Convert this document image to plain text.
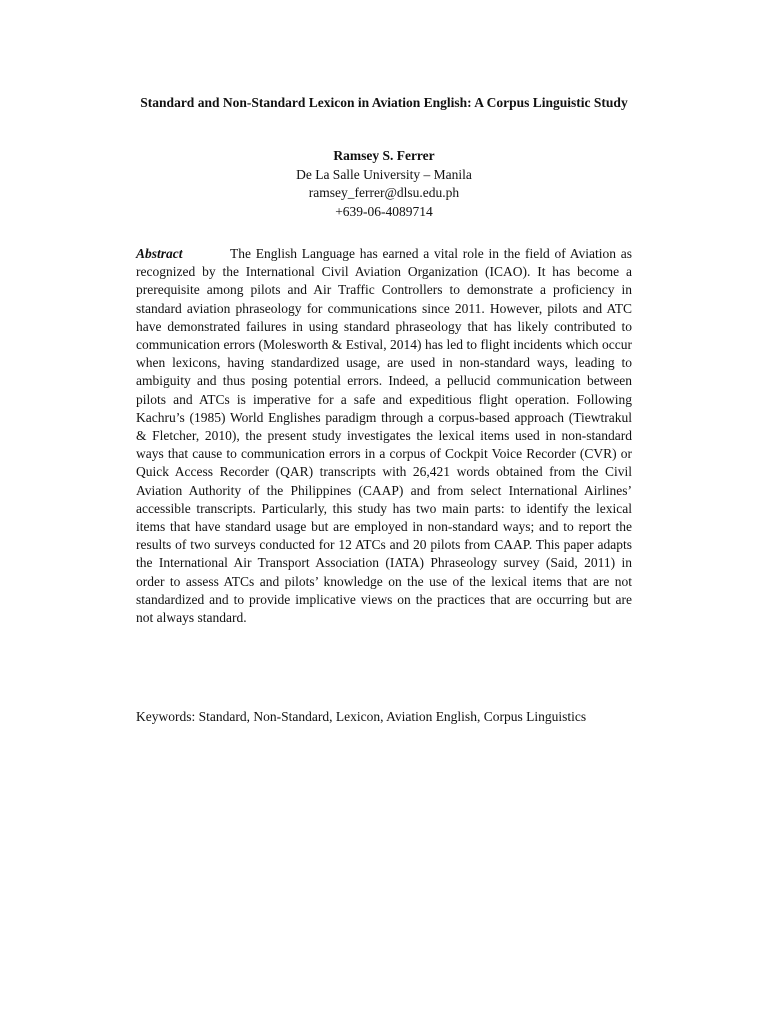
Standard and Non-Standard Lexicon in Aviation English: A Corpus Linguistic Study
Ramsey S. Ferrer
De La Salle University – Manila
ramsey_ferrer@dlsu.edu.ph
+639-06-4089714
Abstract	The English Language has earned a vital role in the field of Aviation as recognized by the International Civil Aviation Organization (ICAO). It has become a prerequisite among pilots and Air Traffic Controllers to demonstrate a proficiency in standard aviation phraseology for communications since 2011. However, pilots and ATC have demonstrated failures in using standard phraseology that has likely contributed to communication errors (Molesworth & Estival, 2014) has led to flight incidents which occur when lexicons, having standardized usage, are used in non-standard ways, leading to ambiguity and thus posing potential errors. Indeed, a pellucid communication between pilots and ATCs is imperative for a safe and expeditious flight operation. Following Kachru’s (1985) World Englishes paradigm through a corpus-based approach (Tiewtrakul & Fletcher, 2010), the present study investigates the lexical items used in non-standard ways that cause to communication errors in a corpus of Cockpit Voice Recorder (CVR) or Quick Access Recorder (QAR) transcripts with 26,421 words obtained from the Civil Aviation Authority of the Philippines (CAAP) and from select International Airlines’ accessible transcripts. Particularly, this study has two main parts: to identify the lexical items that have standard usage but are employed in non-standard ways; and to report the results of two surveys conducted for 12 ATCs and 20 pilots from CAAP. This paper adapts the International Air Transport Association (IATA) Phraseology survey (Said, 2011) in order to assess ATCs and pilots’ knowledge on the use of the lexical items that are not standardized and to provide implicative views on the practices that are occurring but are not always standard.
Keywords: Standard, Non-Standard, Lexicon, Aviation English, Corpus Linguistics
